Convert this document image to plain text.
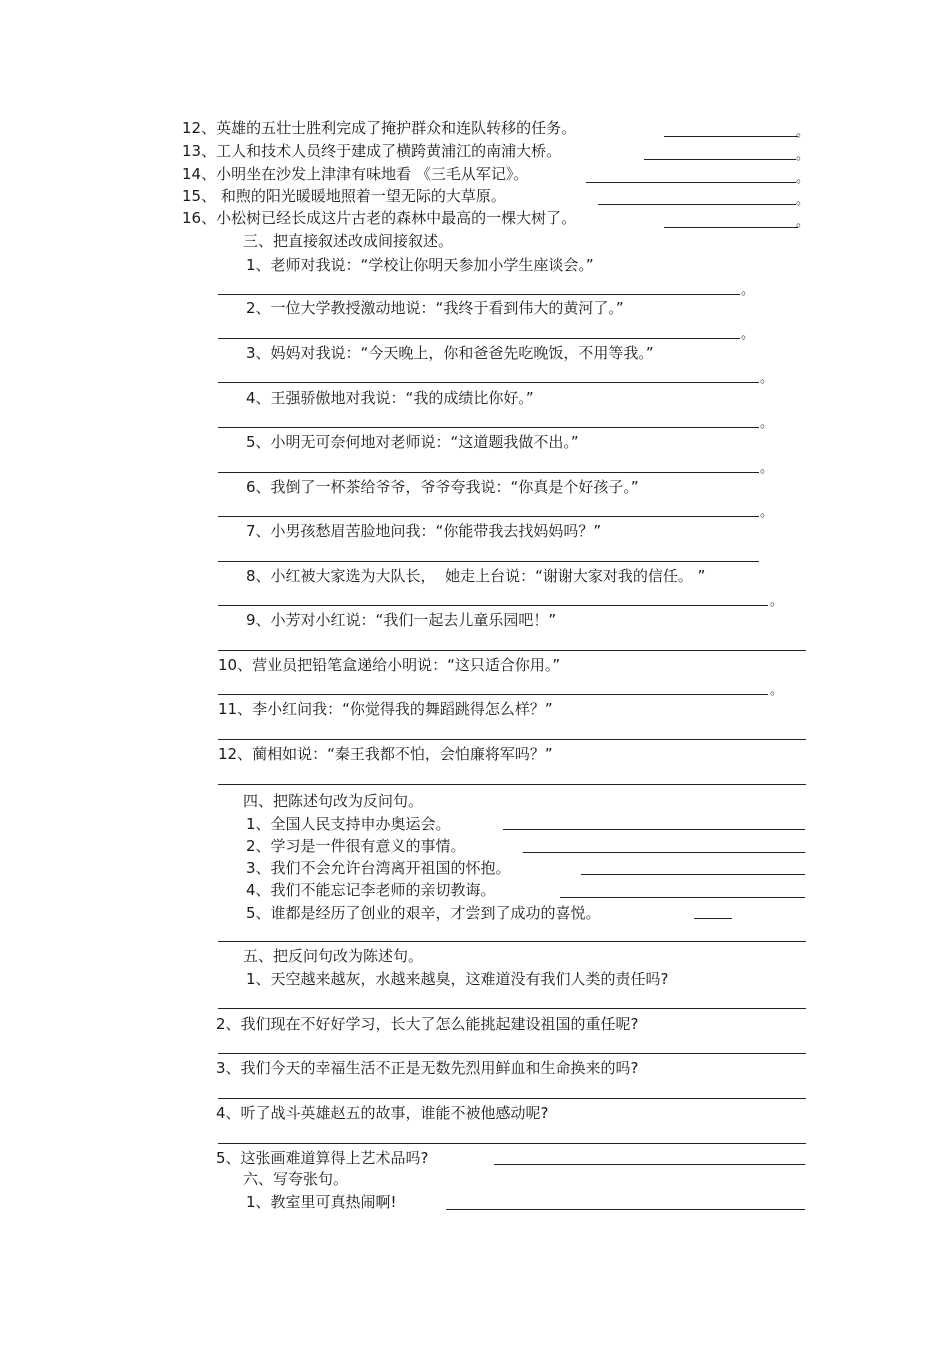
12、英雄的五壮士胜利完成了掩护群众和连队转移的任务。	。
13、工人和技术人员终于建成了横跨黄浦江的南浦大桥。	。
14、小明坐在沙发上津津有味地看 《三毛从军记》。	。
15、 和煦的阳光暖暖地照着一望无际的大草原。	。
16、小松树已经长成这片古老的森林中最高的一棵大树了。	。
三、把直接叙述改成间接叙述。
1、老师对我说：“学校让你明天参加小学生座谈会。”
。
2、一位大学教授激动地说：“我终于看到伟大的黄河了。”
。
3、妈妈对我说：“今天晚上，你和爸爸先吃晚饭，不用等我。”
。
4、王强骄傲地对我说：“我的成绩比你好。”
。
5、小明无可奈何地对老师说：“这道题我做不出。”
。
6、我倒了一杯茶给爷爷，爷爷夸我说：“你真是个好孩子。”
。
7、小男孩愁眉苦脸地问我：“你能带我去找妈妈吗？”
8、小红被大家选为大队长，  她走上台说：“谢谢大家对我的信任。 ”
。
9、小芳对小红说：“我们一起去儿童乐园吧！”
10、营业员把铅笔盒递给小明说：“这只适合你用。”
。
11、李小红问我：“你觉得我的舞蹈跳得怎么样？”
12、蔺相如说：“秦王我都不怕，会怕廉将军吗？”
四、把陈述句改为反问句。
1、全国人民支持申办奥运会。
2、学习是一件很有意义的事情。
3、我们不会允许台湾离开祖国的怀抱。
4、我们不能忘记李老师的亲切教诲。
5、谁都是经历了创业的艰辛，才尝到了成功的喜悦。
五、把反问句改为陈述句。
1、天空越来越灰，水越来越臭，这难道没有我们人类的责任吗?
2、我们现在不好好学习，长大了怎么能挑起建设祖国的重任呢?
3、我们今天的幸福生活不正是无数先烈用鲜血和生命换来的吗?
4、听了战斗英雄赵五的故事，谁能不被他感动呢?
5、这张画难道算得上艺术品吗?
六、写夸张句。
1、教室里可真热闹啊!
